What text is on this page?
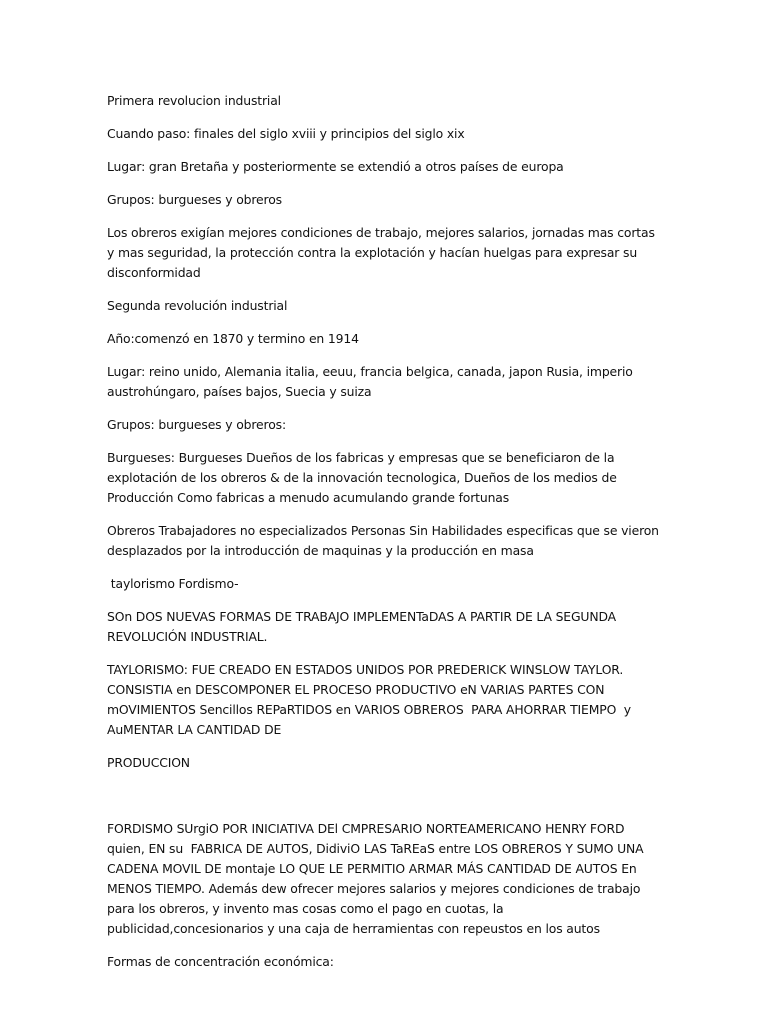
Primera revolucion industrial

Cuando paso: finales del siglo xviii y principios del siglo xix

Lugar: gran Bretaña y posteriormente se extendió a otros países de europa

Grupos: burgueses y obreros

Los obreros exigían mejores condiciones de trabajo, mejores salarios, jornadas mas cortas y mas seguridad, la protección contra la explotación y hacían huelgas para expresar su disconformidad

Segunda revolución industrial

Año:comenzó en 1870 y termino en 1914

Lugar: reino unido, Alemania italia, eeuu, francia belgica, canada, japon Rusia, imperio austrohúngaro, países bajos, Suecia y suiza

Grupos: burgueses y obreros:

Burgueses: Burgueses Dueños de los fabricas y empresas que se beneficiaron de la explotación de los obreros & de la innovación tecnologica, Dueños de los medios de Producción Como fabricas a menudo acumulando grande fortunas

Obreros Trabajadores no especializados Personas Sin Habilidades especificas que se vieron desplazados por la introducción de maquinas y la producción en masa

taylorismo Fordismo-

SOn DOS NUEVAS FORMAS DE TRABAJO IMPLEMENTaDAS A PARTIR DE LA SEGUNDA REVOLUCIÓN INDUSTRIAL.

TAYLORISMO: FUE CREADO EN ESTADOS UNIDOS POR PREDERICK WINSLOW TAYLOR. CONSISTIA en DESCOMPONER EL PROCESO PRODUCTIVO eN VARIAS PARTES CON mOVIMIENTOS Sencillos REPaRTIDOS en VARIOS OBREROS  PARA AHORRAR TIEMPO  y AuMENTAR LA CANTIDAD DE

PRODUCCION

FORDISMO SUrgiO POR INICIATIVA DEl CMPRESARIO NORTEAMERICANO HENRY FORD quien, EN su  FABRICA DE AUTOS, DidiviO LAS TaREaS entre LOS OBREROS Y SUMO UNA CADENA MOVIL DE montaje LO QUE LE PERMITIO ARMAR MÁS CANTIDAD DE AUTOS En MENOS TIEMPO. Además dew ofrecer mejores salarios y mejores condiciones de trabajo para los obreros, y invento mas cosas como el pago en cuotas, la publicidad,concesionarios y una caja de herramientas con repeustos en los autos

Formas de concentración económica:
